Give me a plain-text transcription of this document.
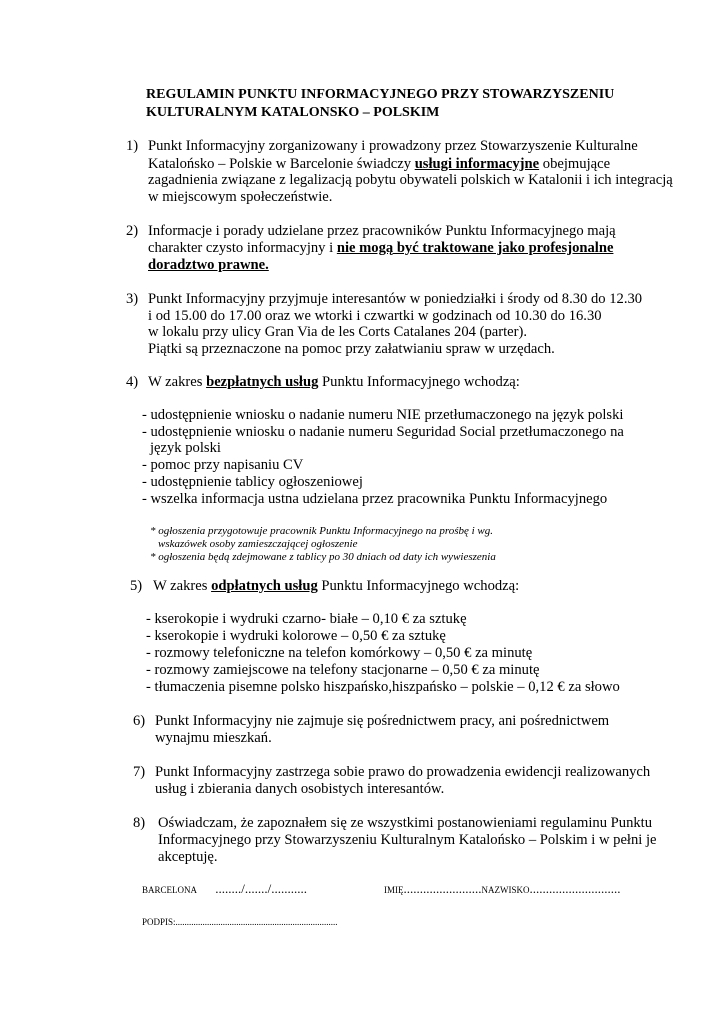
REGULAMIN PUNKTU INFORMACYJNEGO PRZY STOWARZYSZENIU
KULTURALNYM KATALONSKO – POLSKIM
1) Punkt Informacyjny zorganizowany i prowadzony przez Stowarzyszenie Kulturalne
Katalońsko – Polskie w Barcelonie świadczy usługi informacyjne obejmujące
zagadnienia związane z legalizacją pobytu obywateli polskich w Katalonii i ich integracją
w miejscowym społeczeństwie.
2) Informacje i porady udzielane przez pracowników Punktu Informacyjnego mają
charakter czysto informacyjny i nie mogą być traktowane jako profesjonalne
doradztwo prawne.
3) Punkt Informacyjny przyjmuje interesantów w poniedziałki i środy od 8.30 do 12.30
i od 15.00 do 17.00 oraz we wtorki i czwartki w godzinach od 10.30 do 16.30
w lokalu przy ulicy Gran Via de les Corts Catalanes 204 (parter).
Piątki są przeznaczone na pomoc przy załatwianiu spraw w urzędach.
4) W zakres bezpłatnych usług Punktu Informacyjnego wchodzą:
- udostępnienie wniosku o nadanie numeru NIE przetłumaczonego na język polski
- udostępnienie wniosku o nadanie numeru Seguridad Social przetłumaczonego na
język polski
- pomoc przy napisaniu CV
- udostępnienie tablicy ogłoszeniowej
- wszelka informacja ustna udzielana przez pracownika Punktu Informacyjnego
* ogłoszenia przygotowuje pracownik Punktu Informacyjnego na prośbę i wg.
wskazówek osoby zamieszczającej ogłoszenie
* ogłoszenia będą zdejmowane z tablicy po 30 dniach od daty ich wywieszenia
5) W zakres odpłatnych usług Punktu Informacyjnego wchodzą:
- kserokopie i wydruki czarno- białe – 0,10 € za sztukę
- kserokopie i wydruki kolorowe – 0,50 € za sztukę
- rozmowy telefoniczne na telefon komórkowy – 0,50 € za minutę
- rozmowy zamiejscowe na telefony stacjonarne – 0,50 € za minutę
- tłumaczenia pisemne polsko hiszpańsko,hiszpańsko – polskie – 0,12 € za słowo
6) Punkt Informacyjny nie zajmuje się pośrednictwem pracy, ani pośrednictwem
wynajmu mieszkań.
7) Punkt Informacyjny zastrzega sobie prawo do prowadzenia ewidencji realizowanych
usług i zbierania danych osobistych interesantów.
8) Oświadczam, że zapoznałem się ze wszystkimi postanowieniami regulaminu Punktu
Informacyjnego przy Stowarzyszeniu Kulturalnym Katalońsko – Polskim i w pełni je
akceptuję.
BARCELONA ......../......./...........	IMIĘ........................NAZWISKO............................
PODPIS:........................................................................
